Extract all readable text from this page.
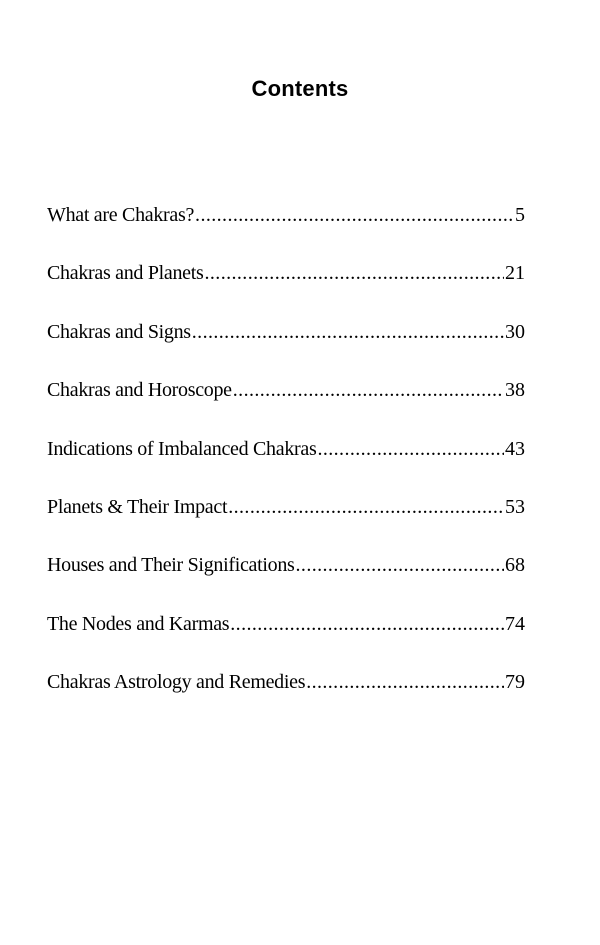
Contents
What are Chakras? .....	5
Chakras and Planets .....	21
Chakras and Signs .....	30
Chakras and Horoscope .....	38
Indications of Imbalanced Chakras .....	43
Planets & Their Impact .....	53
Houses and Their Significations .....	68
The Nodes and Karmas .....	74
Chakras Astrology and Remedies .....	79
